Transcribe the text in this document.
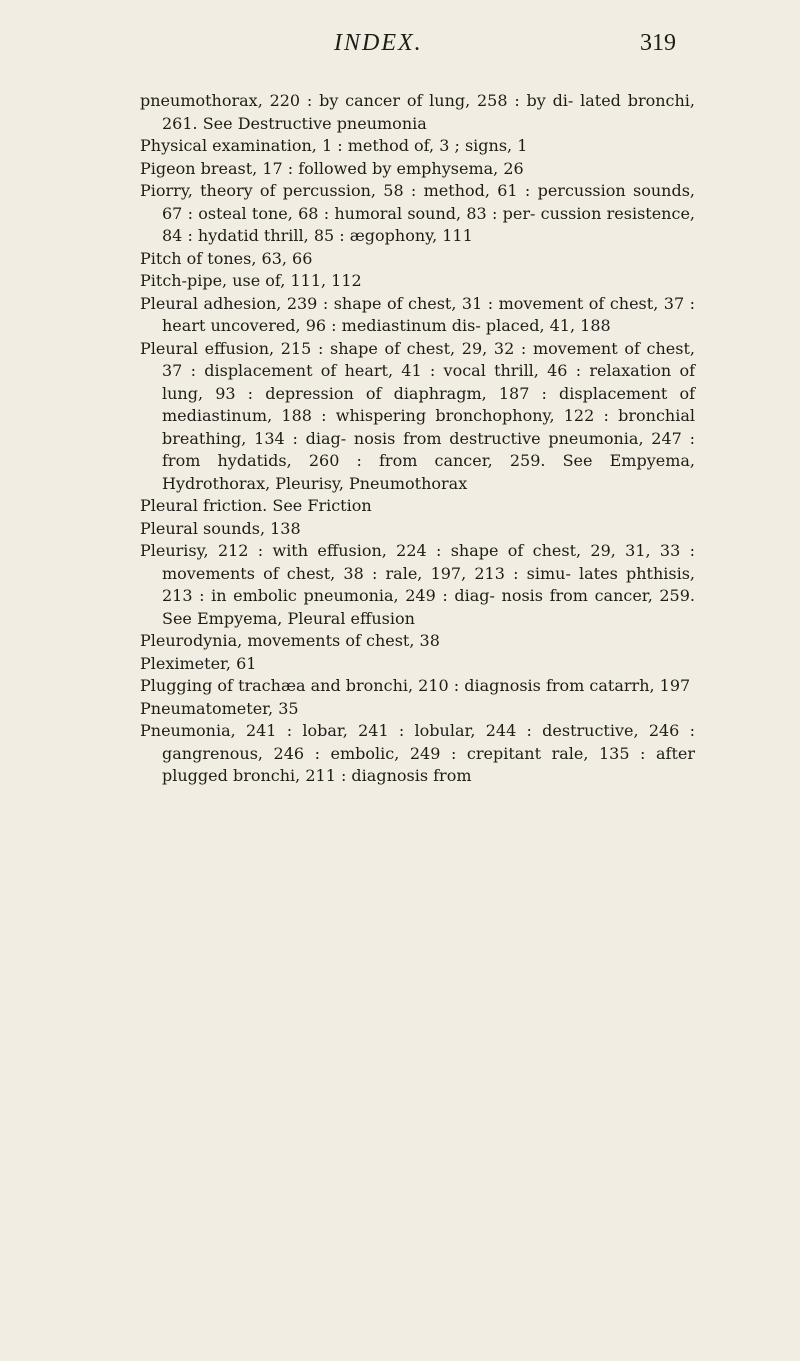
INDEX.	319
pneumothorax, 220 : by cancer of lung, 258 : by di- lated bronchi, 261. See Destructive pneumonia
Physical examination, 1 : method of, 3 ; signs, 1
Pigeon breast, 17 : followed by emphysema, 26
Piorry, theory of percussion, 58 : method, 61 : percussion sounds, 67 : osteal tone, 68 : humoral sound, 83 : per- cussion resistence, 84 : hydatid thrill, 85 : ægophony, 111
Pitch of tones, 63, 66
Pitch-pipe, use of, 111, 112
Pleural adhesion, 239 : shape of chest, 31 : movement of chest, 37 : heart uncovered, 96 : mediastinum dis- placed, 41, 188
Pleural effusion, 215 : shape of chest, 29, 32 : movement of chest, 37 : displacement of heart, 41 : vocal thrill, 46 : relaxation of lung, 93 : depression of diaphragm, 187 : displacement of mediastinum, 188 : whispering bronchophony, 122 : bronchial breathing, 134 : diag- nosis from destructive pneumonia, 247 : from hydatids, 260 : from cancer, 259. See Empyema, Hydrothorax, Pleurisy, Pneumothorax
Pleural friction. See Friction
Pleural sounds, 138
Pleurisy, 212 : with effusion, 224 : shape of chest, 29, 31, 33 : movements of chest, 38 : rale, 197, 213 : simu- lates phthisis, 213 : in embolic pneumonia, 249 : diag- nosis from cancer, 259. See Empyema, Pleural effusion
Pleurodynia, movements of chest, 38
Pleximeter, 61
Plugging of trachæa and bronchi, 210 : diagnosis from catarrh, 197
Pneumatometer, 35
Pneumonia, 241 : lobar, 241 : lobular, 244 : destructive, 246 : gangrenous, 246 : embolic, 249 : crepitant rale, 135 : after plugged bronchi, 211 : diagnosis from
